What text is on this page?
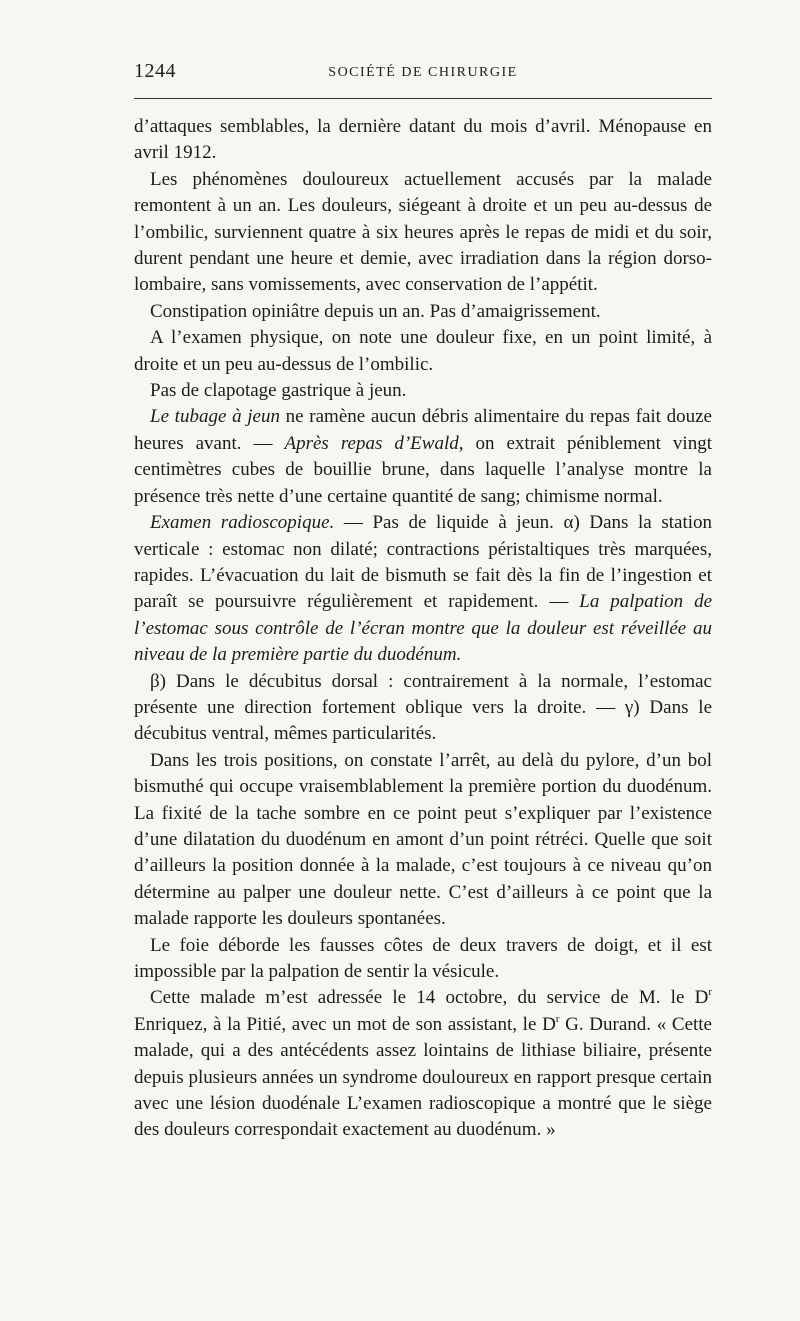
1244	SOCIÉTÉ DE CHIRURGIE

d’attaques semblables, la dernière datant du mois d’avril. Ménopause en avril 1912.

Les phénomènes douloureux actuellement accusés par la malade remontent à un an. Les douleurs, siégeant à droite et un peu au-dessus de l’ombilic, surviennent quatre à six heures après le repas de midi et du soir, durent pendant une heure et demie, avec irradiation dans la région dorso-lombaire, sans vomissements, avec conservation de l’appétit.

Constipation opiniâtre depuis un an. Pas d’amaigrissement.

A l’examen physique, on note une douleur fixe, en un point limité, à droite et un peu au-dessus de l’ombilic.

Pas de clapotage gastrique à jeun.

Le tubage à jeun ne ramène aucun débris alimentaire du repas fait douze heures avant. — Après repas d’Ewald, on extrait péniblement vingt centimètres cubes de bouillie brune, dans laquelle l’analyse montre la présence très nette d’une certaine quantité de sang; chimisme normal.

Examen radioscopique. — Pas de liquide à jeun. α) Dans la station verticale : estomac non dilaté; contractions péristaltiques très marquées, rapides. L’évacuation du lait de bismuth se fait dès la fin de l’ingestion et paraît se poursuivre régulièrement et rapidement. — La palpation de l’estomac sous contrôle de l’écran montre que la douleur est réveillée au niveau de la première partie du duodénum.

β) Dans le décubitus dorsal : contrairement à la normale, l’estomac présente une direction fortement oblique vers la droite. — γ) Dans le décubitus ventral, mêmes particularités.

Dans les trois positions, on constate l’arrêt, au delà du pylore, d’un bol bismuthé qui occupe vraisemblablement la première portion du duodénum. La fixité de la tache sombre en ce point peut s’expliquer par l’existence d’une dilatation du duodénum en amont d’un point rétréci. Quelle que soit d’ailleurs la position donnée à la malade, c’est toujours à ce niveau qu’on détermine au palper une douleur nette. C’est d’ailleurs à ce point que la malade rapporte les douleurs spontanées.

Le foie déborde les fausses côtes de deux travers de doigt, et il est impossible par la palpation de sentir la vésicule.

Cette malade m’est adressée le 14 octobre, du service de M. le $D^r$ Enriquez, à la Pitié, avec un mot de son assistant, le $D^r$ G. Durand. « Cette malade, qui a des antécédents assez lointains de lithiase biliaire, présente depuis plusieurs années un syndrome douloureux en rapport presque certain avec une lésion duodénale L’examen radioscopique a montré que le siège des douleurs correspondait exactement au duodénum. »
